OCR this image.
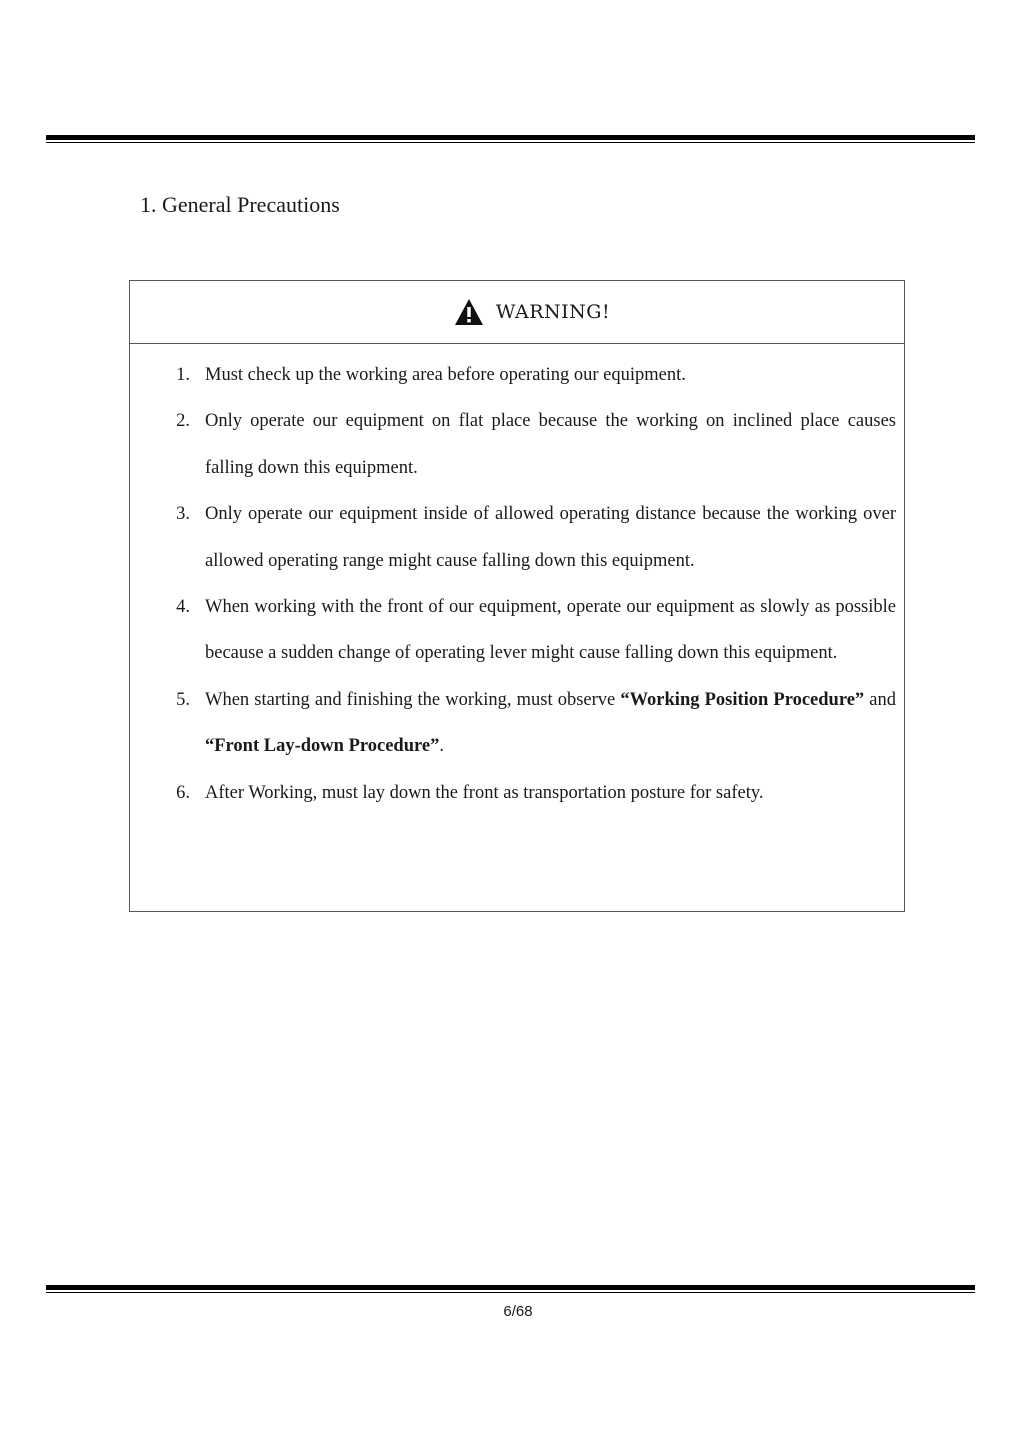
1. General Precautions
WARNING!
1. Must check up the working area before operating our equipment.
2. Only operate our equipment on flat place because the working on inclined place causes falling down this equipment.
3. Only operate our equipment inside of allowed operating distance because the working over allowed operating range might cause falling down this equipment.
4. When working with the front of our equipment, operate our equipment as slowly as possible because a sudden change of operating lever might cause falling down this equipment.
5. When starting and finishing the working, must observe “Working Position Procedure” and “Front Lay-down Procedure”.
6. After Working, must lay down the front as transportation posture for safety.
6/68
